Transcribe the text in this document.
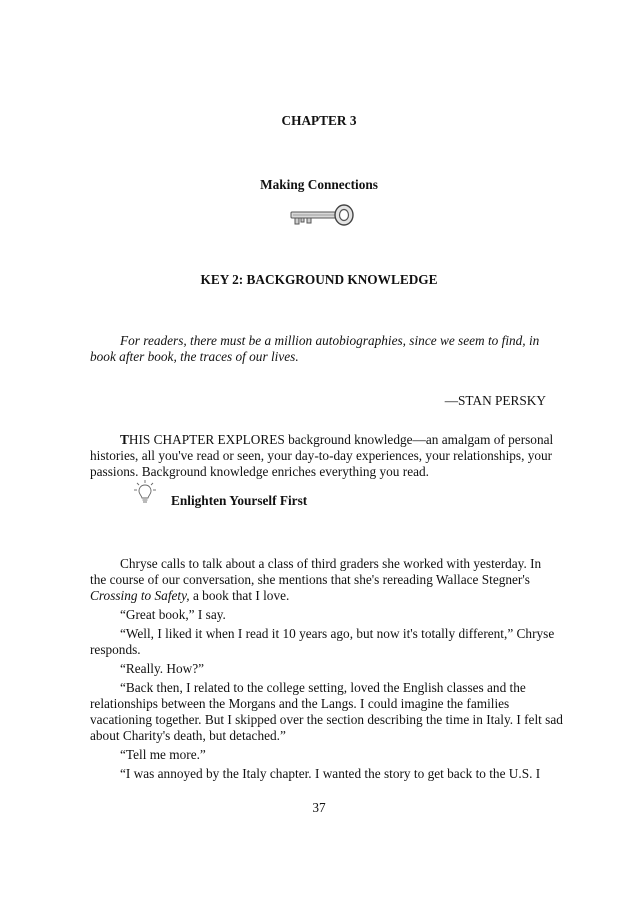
CHAPTER 3
Making Connections
KEY 2: BACKGROUND KNOWLEDGE
For readers, there must be a million autobiographies, since we seem to find, in
book after book, the traces of our lives.
—STAN PERSKY
THIS CHAPTER EXPLORES background knowledge—an amalgam of personal
histories, all you've read or seen, your day-to-day experiences, your relationships, your
passions. Background knowledge enriches everything you read.
Enlighten Yourself First
Chryse calls to talk about a class of third graders she worked with yesterday. In
the course of our conversation, she mentions that she's rereading Wallace Stegner's
Crossing to Safety, a book that I love.
“Great book,” I say.
“Well, I liked it when I read it 10 years ago, but now it's totally different,” Chryse
responds.
“Really. How?”
“Back then, I related to the college setting, loved the English classes and the
relationships between the Morgans and the Langs. I could imagine the families
vacationing together. But I skipped over the section describing the time in Italy. I felt sad
about Charity's death, but detached.”
“Tell me more.”
“I was annoyed by the Italy chapter. I wanted the story to get back to the U.S. I
37
